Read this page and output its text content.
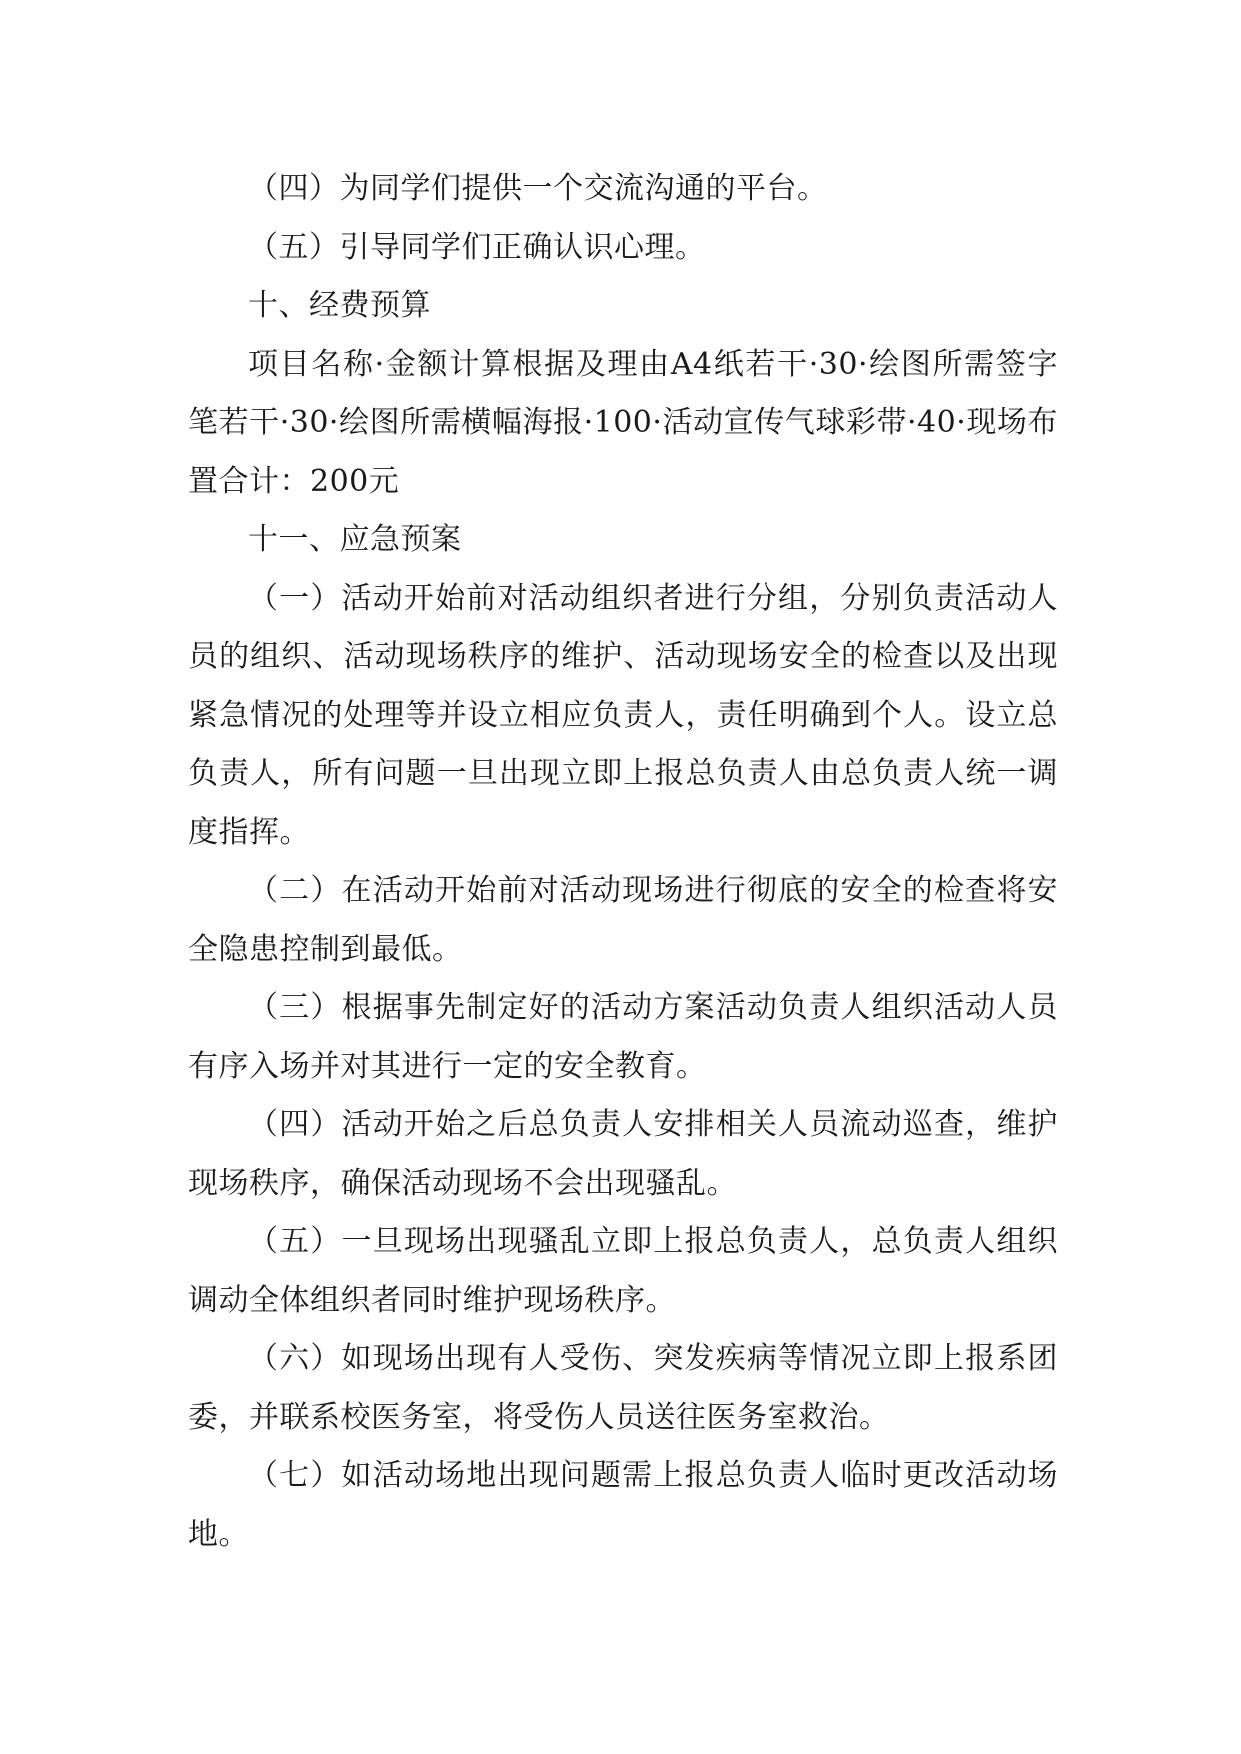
（四）为同学们提供一个交流沟通的平台。

（五）引导同学们正确认识心理。

十、经费预算

项目名称·金额计算根据及理由A4纸若干·30·绘图所需签字笔若干·30·绘图所需横幅海报·100·活动宣传气球彩带·40·现场布置合计：200元

十一、应急预案

（一）活动开始前对活动组织者进行分组，分别负责活动人员的组织、活动现场秩序的维护、活动现场安全的检查以及出现紧急情况的处理等并设立相应负责人，责任明确到个人。设立总负责人，所有问题一旦出现立即上报总负责人由总负责人统一调度指挥。

（二）在活动开始前对活动现场进行彻底的安全的检查将安全隐患控制到最低。

（三）根据事先制定好的活动方案活动负责人组织活动人员有序入场并对其进行一定的安全教育。

（四）活动开始之后总负责人安排相关人员流动巡查，维护现场秩序，确保活动现场不会出现骚乱。

（五）一旦现场出现骚乱立即上报总负责人，总负责人组织调动全体组织者同时维护现场秩序。

（六）如现场出现有人受伤、突发疾病等情况立即上报系团委，并联系校医务室，将受伤人员送往医务室救治。

（七）如活动场地出现问题需上报总负责人临时更改活动场地。
